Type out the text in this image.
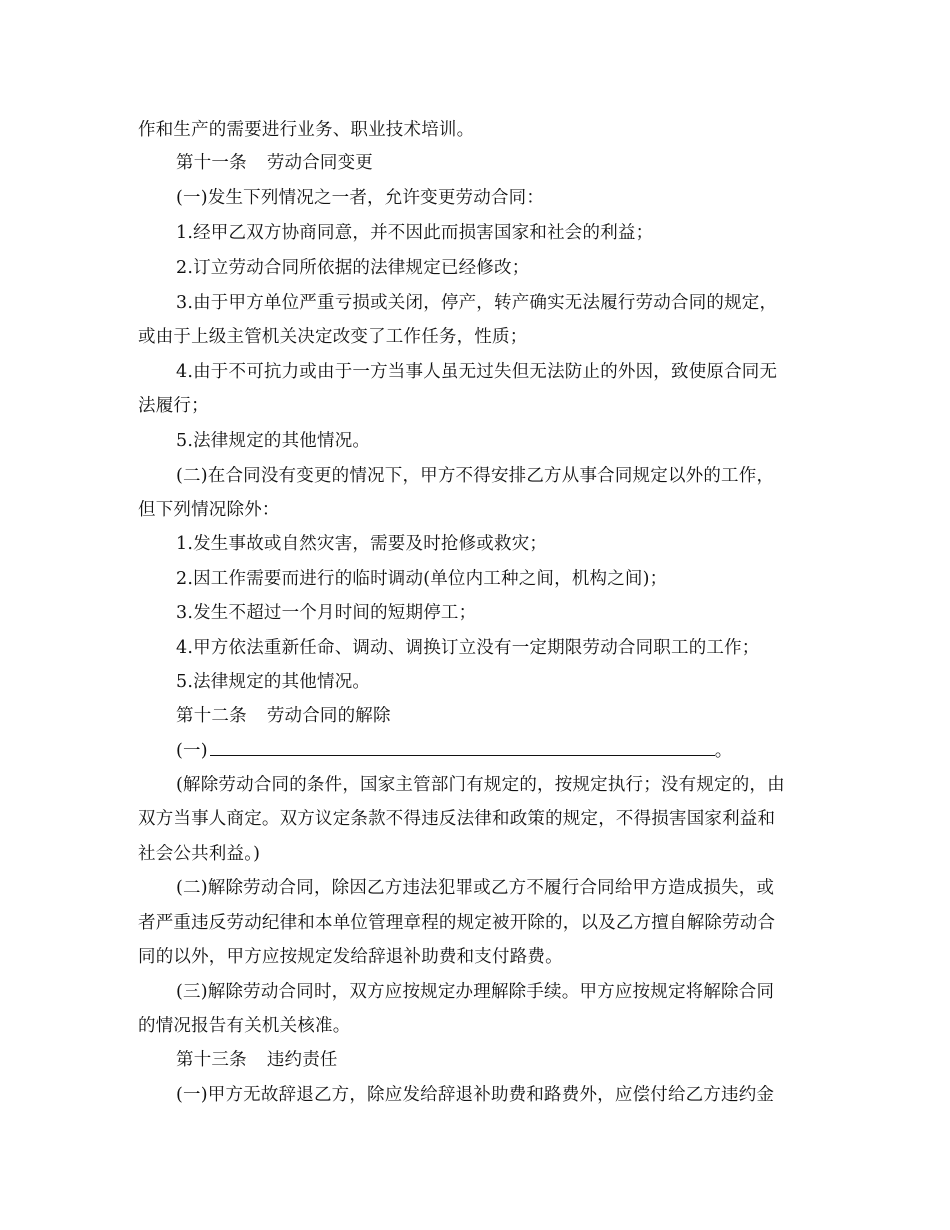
作和生产的需要进行业务、职业技术培训。
第十一条 劳动合同变更
(一)发生下列情况之一者，允许变更劳动合同：
1.经甲乙双方协商同意，并不因此而损害国家和社会的利益；
2.订立劳动合同所依据的法律规定已经修改；
3.由于甲方单位严重亏损或关闭，停产，转产确实无法履行劳动合同的规定，
或由于上级主管机关决定改变了工作任务，性质；
4.由于不可抗力或由于一方当事人虽无过失但无法防止的外因，致使原合同无
法履行；
5.法律规定的其他情况。
(二)在合同没有变更的情况下，甲方不得安排乙方从事合同规定以外的工作，
但下列情况除外：
1.发生事故或自然灾害，需要及时抢修或救灾；
2.因工作需要而进行的临时调动(单位内工种之间，机构之间)；
3.发生不超过一个月时间的短期停工；
4.甲方依法重新任命、调动、调换订立没有一定期限劳动合同职工的工作；
5.法律规定的其他情况。
第十二条 劳动合同的解除
(一)	。
(解除劳动合同的条件，国家主管部门有规定的，按规定执行；没有规定的，由
双方当事人商定。双方议定条款不得违反法律和政策的规定，不得损害国家利益和
社会公共利益。)
(二)解除劳动合同，除因乙方违法犯罪或乙方不履行合同给甲方造成损失，或
者严重违反劳动纪律和本单位管理章程的规定被开除的，以及乙方擅自解除劳动合
同的以外，甲方应按规定发给辞退补助费和支付路费。
(三)解除劳动合同时，双方应按规定办理解除手续。甲方应按规定将解除合同
的情况报告有关机关核准。
第十三条 违约责任
(一)甲方无故辞退乙方，除应发给辞退补助费和路费外，应偿付给乙方违约金
